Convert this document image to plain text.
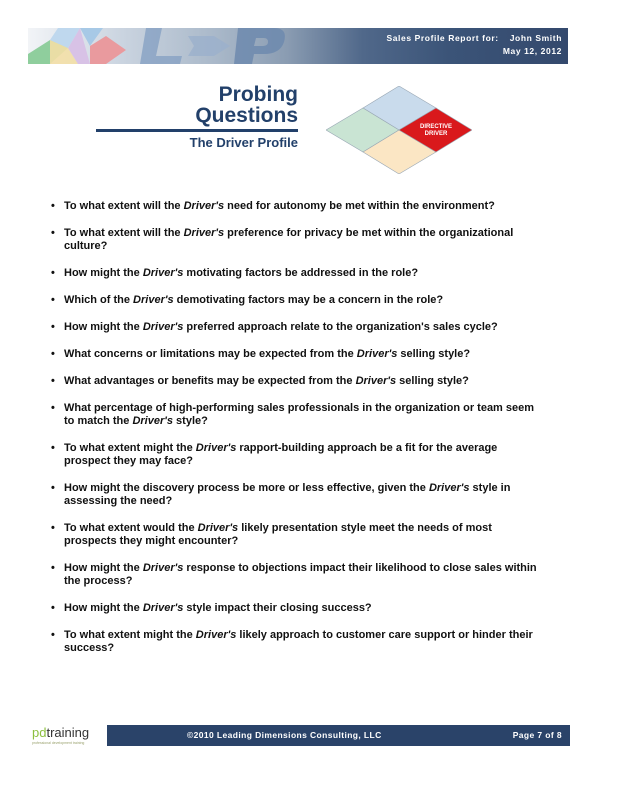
Sales Profile Report for: John Smith
May 12, 2012
Probing
Questions
The Driver Profile
DIRECTIVE
DRIVER
• To what extent will the Driver's need for autonomy be met within the environment?
• To what extent will the Driver's preference for privacy be met within the organizational culture?
• How might the Driver's motivating factors be addressed in the role?
• Which of the Driver's demotivating factors may be a concern in the role?
• How might the Driver's preferred approach relate to the organization's sales cycle?
• What concerns or limitations may be expected from the Driver's selling style?
• What advantages or benefits may be expected from the Driver's selling style?
• What percentage of high-performing sales professionals in the organization or team seem to match the Driver's style?
• To what extent might the Driver's rapport-building approach be a fit for the average prospect they may face?
• How might the discovery process be more or less effective, given the Driver's style in assessing the need?
• To what extent would the Driver's likely presentation style meet the needs of most prospects they might encounter?
• How might the Driver's response to objections impact their likelihood to close sales within the process?
• How might the Driver's style impact their closing success?
• To what extent might the Driver's likely approach to customer care support or hinder their success?
pdtraining
professional development training
©2010 Leading Dimensions Consulting, LLC	Page 7 of 8
